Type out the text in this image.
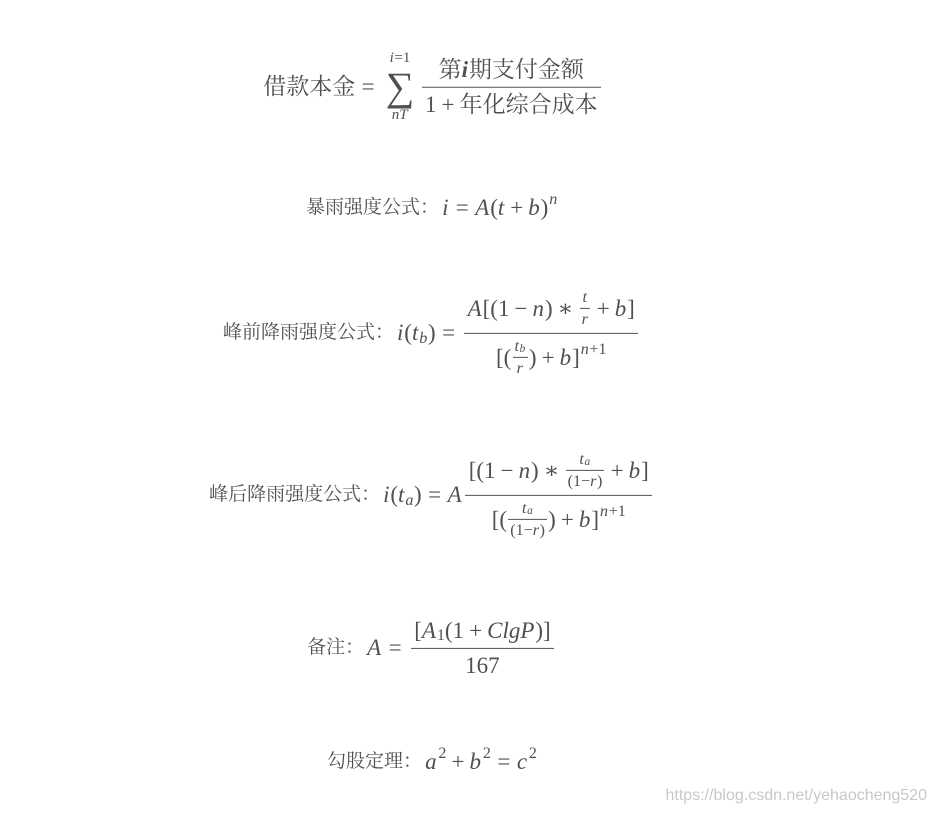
借款本金 =
i = 1
∑
nT $\frac{\text{第 i 期支付金额}}{\text{1 + 年化综合成本}}$
暴雨强度公式： i = A ( t + b ) n
峰前降雨强度公式： i ( t b ) =
A [(1 − n ) ∗ $\frac{t}{r} + b$ ]
[( $\frac{\text{t b}}{r}$ ) + b ] n + 1
峰后降雨强度公式： i ( t a ) = A
[(1 − n ) ∗ $\frac{\text{t a}}{(1 - r )} + b$ ]
[( $\frac{\text{t a}}{(1 - r )}$ ) + b ] n + 1
备注： A =
[ A 1 (1 + ClgP )]
167
勾股定理： a 2 + b 2 = c 2
https://blog.csdn.net/yehaocheng520
